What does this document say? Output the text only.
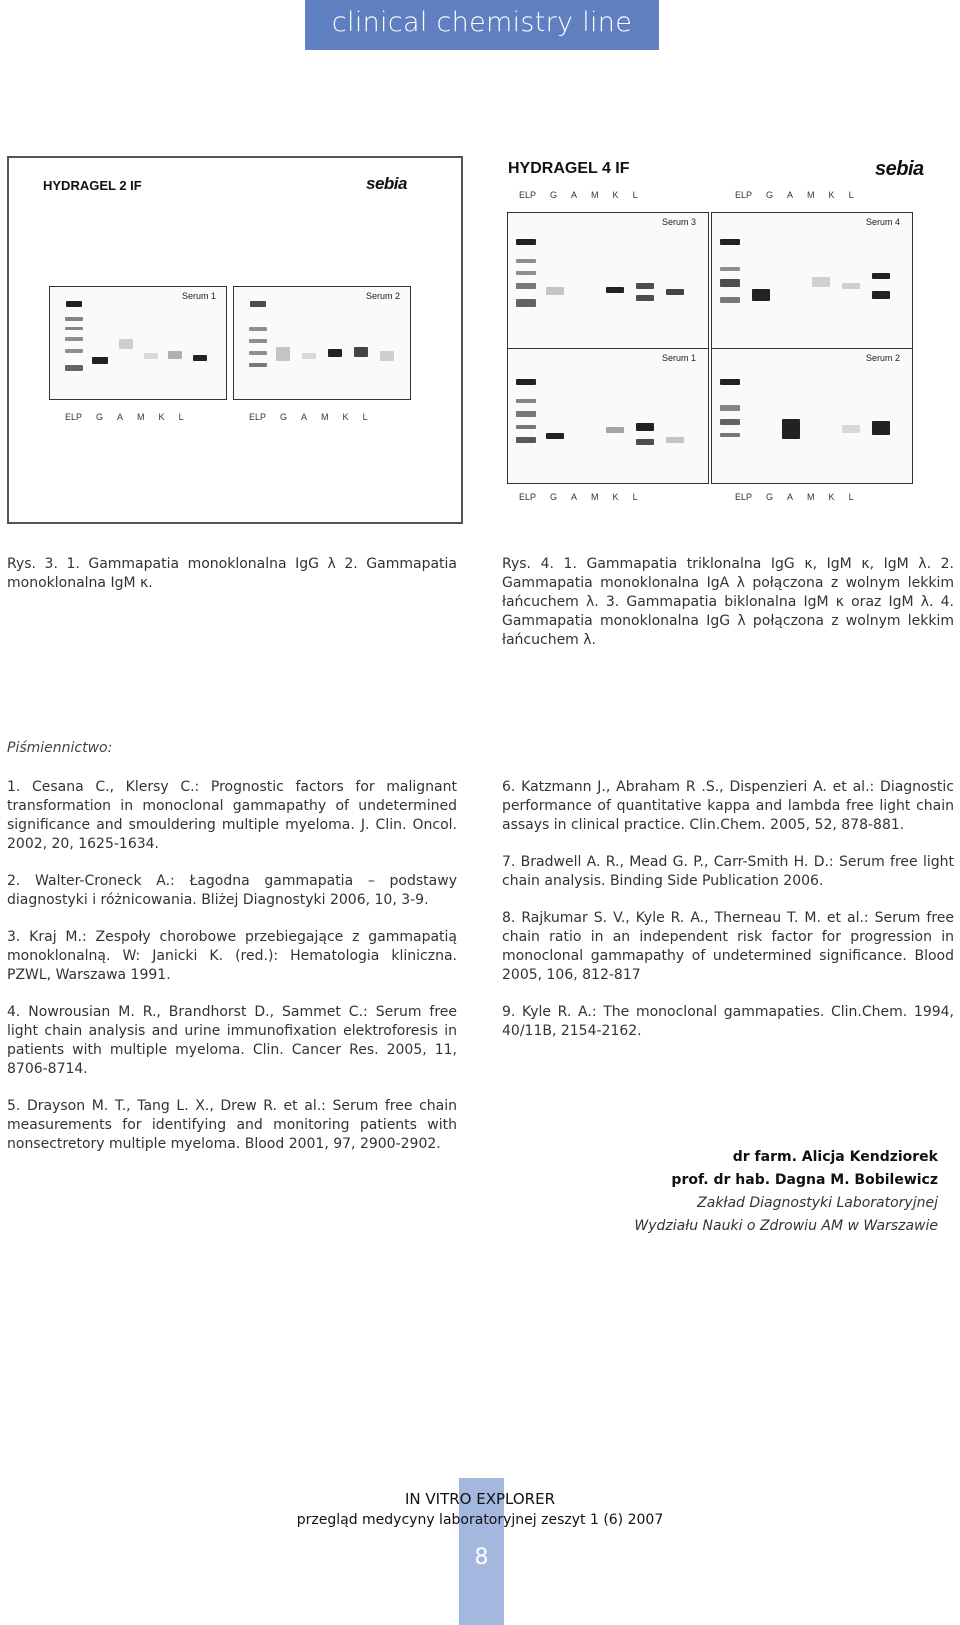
clinical chemistry line
HYDRAGEL 2 IF	sebia
Serum 1
ELP G A M K L
Serum 2
ELP G A M K L
HYDRAGEL 4 IF	sebia
ELP G A M K L	ELP G A M K L
Serum 3	Serum 4
Serum 1	Serum 2
ELP G A M K L	ELP G A M K L
Rys. 3. 1. Gammapatia monoklonalna IgG λ 2. Gammapatia monoklonalna IgM κ.
Rys. 4. 1. Gammapatia triklonalna IgG κ, IgM κ, IgM λ. 2. Gammapatia monoklonalna IgA λ połączona z wolnym lekkim łańcuchem λ. 3. Gammapatia biklonalna IgM κ oraz IgM λ. 4. Gammapatia monoklonalna IgG λ połączona z wolnym lekkim łańcuchem λ.
Piśmiennictwo:
1. Cesana C., Klersy C.: Prognostic factors for malignant transformation in monoclonal gammapathy of undetermined significance and smouldering multiple myeloma. J. Clin. Oncol. 2002, 20, 1625-1634.
2. Walter-Croneck A.: Łagodna gammapatia – podstawy diagnostyki i różnicowania. Bliżej Diagnostyki 2006, 10, 3-9.
3. Kraj M.: Zespoły chorobowe przebiegające z gammapatią monoklonalną. W: Janicki K. (red.): Hematologia kliniczna. PZWL, Warszawa 1991.
4. Nowrousian M. R., Brandhorst D., Sammet C.: Serum free light chain analysis and urine immunofixation elektroforesis in patients with multiple myeloma. Clin. Cancer Res. 2005, 11, 8706-8714.
5. Drayson M. T., Tang L. X., Drew R. et al.: Serum free chain measurements for identifying and monitoring patients with nonsectretory multiple myeloma. Blood 2001, 97, 2900-2902.
6. Katzmann J., Abraham R .S., Dispenzieri A. et al.: Diagnostic performance of quantitative kappa and lambda free light chain assays in clinical practice. Clin.Chem. 2005, 52, 878-881.
7. Bradwell A. R., Mead G. P., Carr-Smith H. D.: Serum free light chain analysis. Binding Side Publication 2006.
8. Rajkumar S. V., Kyle R. A., Therneau T. M. et al.: Serum free chain ratio in an independent risk factor for progression in monoclonal gammapathy of undetermined significance. Blood 2005, 106, 812-817
9. Kyle R. A.: The monoclonal gammapaties. Clin.Chem. 1994, 40/11B, 2154-2162.
dr farm. Alicja Kendziorek
prof. dr hab. Dagna M. Bobilewicz
Zakład Diagnostyki Laboratoryjnej
Wydziału Nauki o Zdrowiu AM w Warszawie
IN VITRO EXPLORER
przegląd medycyny laboratoryjnej zeszyt 1 (6) 2007
8
